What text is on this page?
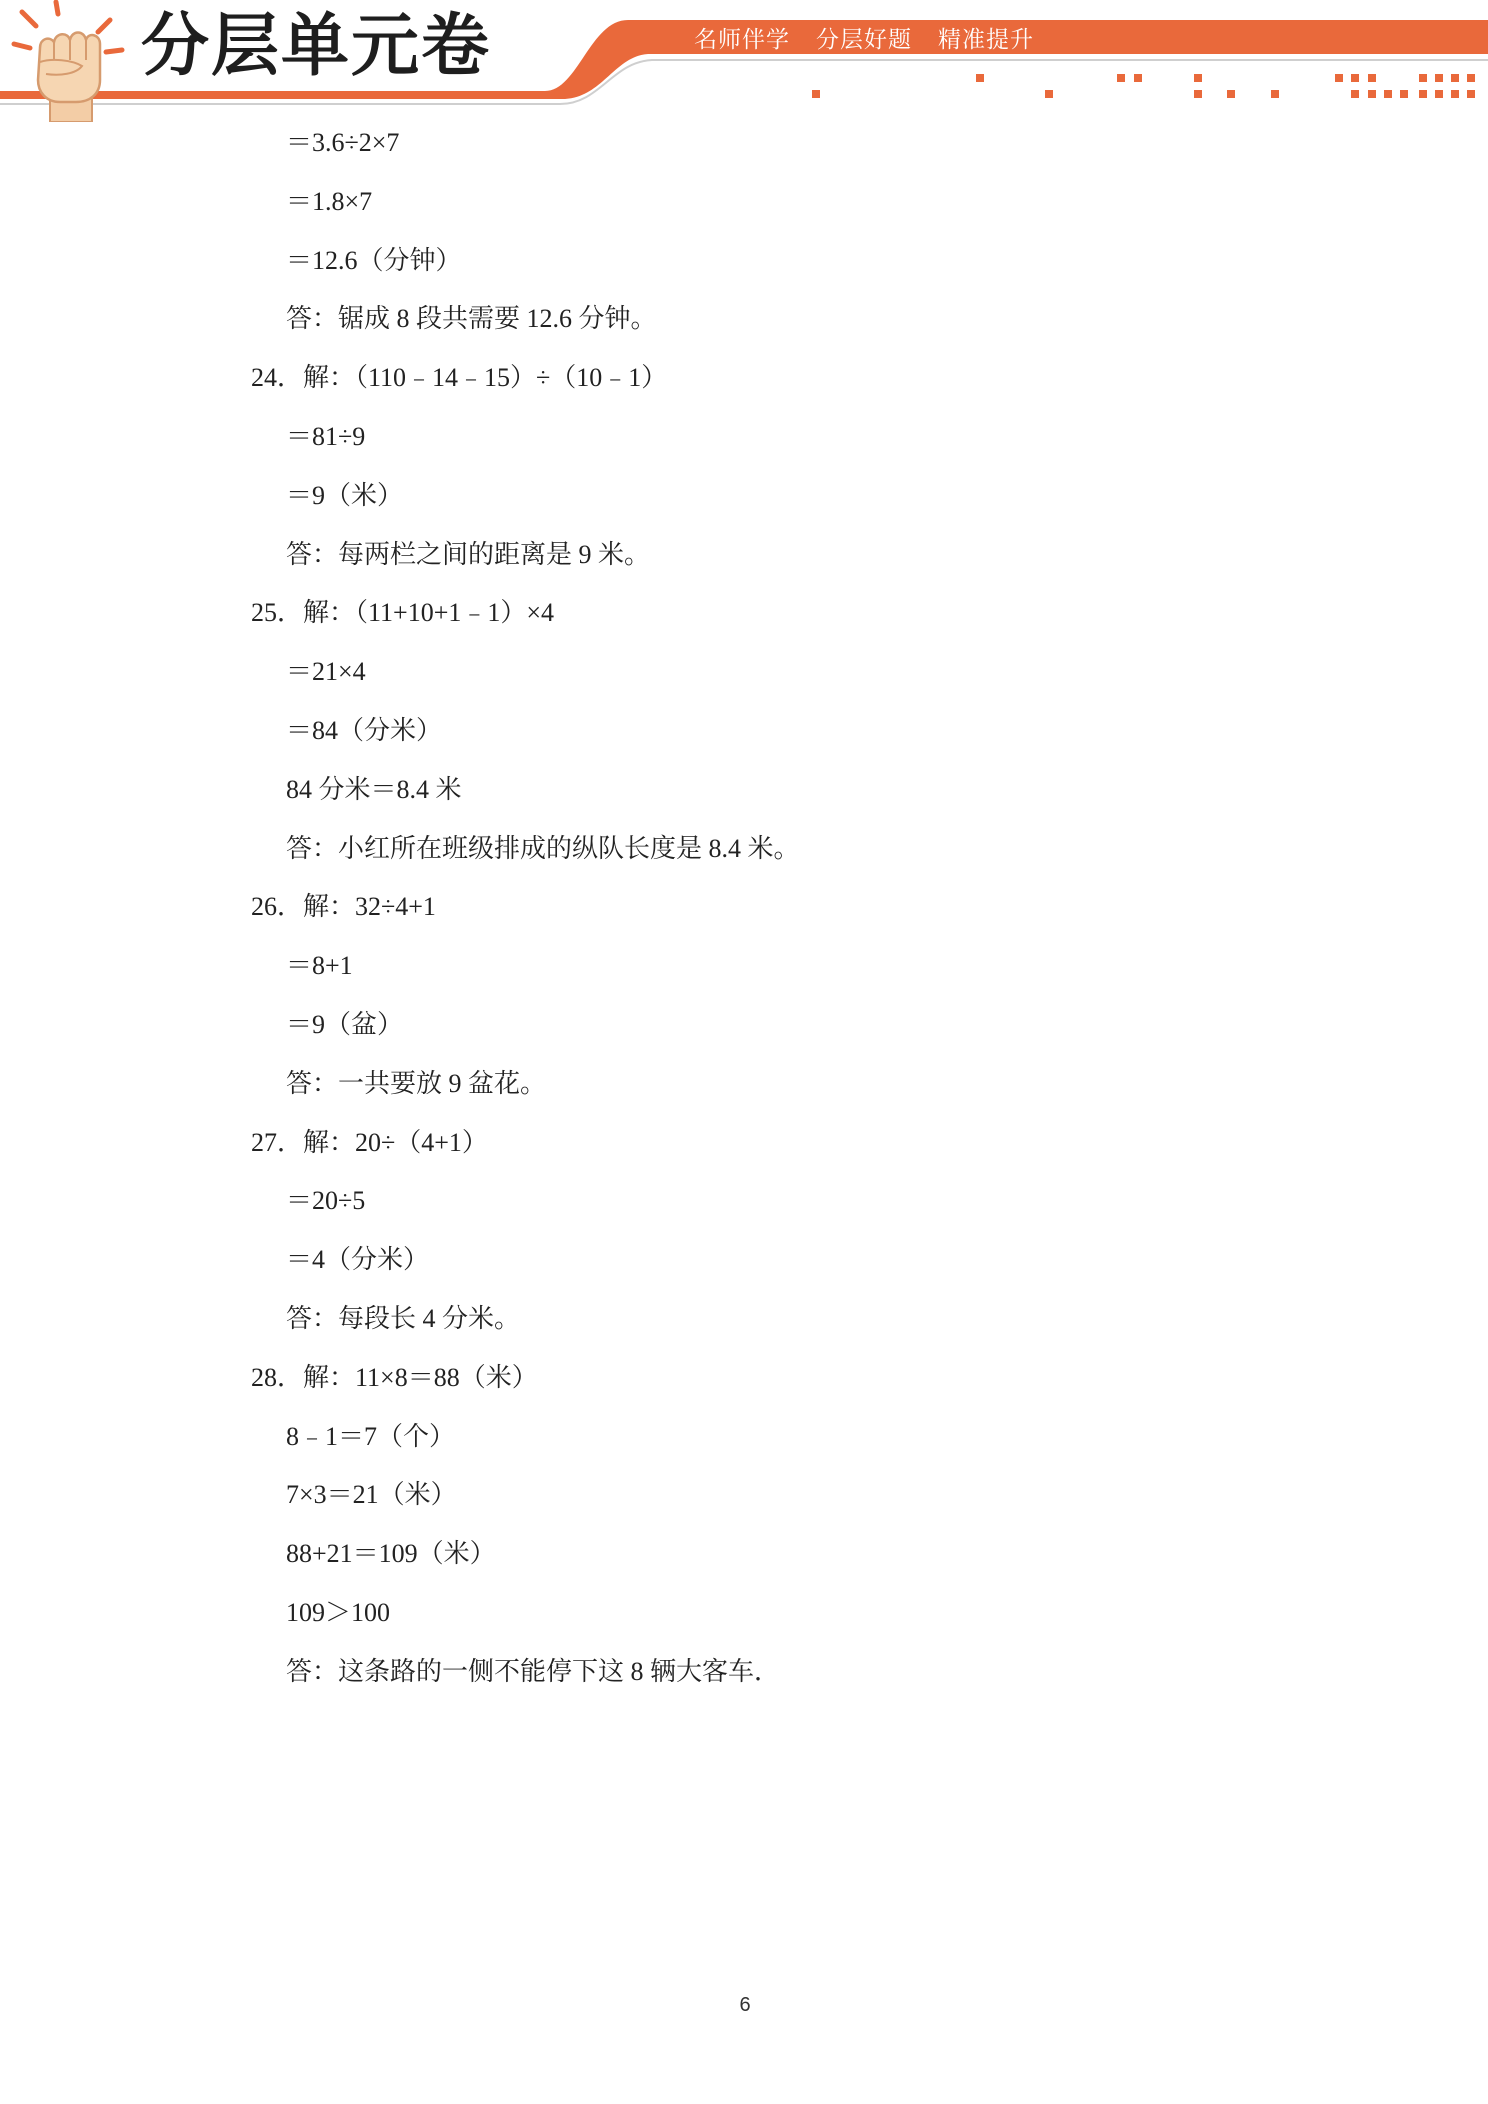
分层单元卷	名师伴学 分层好题 精准提升
＝3.6÷2×7
＝1.8×7
＝12.6（分钟）
答：锯成 8 段共需要 12.6 分钟。
24．解：（110﹣14﹣15）÷（10﹣1）
＝81÷9
＝9（米）
答：每两栏之间的距离是 9 米。
25．解：（11+10+1﹣1）×4
＝21×4
＝84（分米）
84 分米＝8.4 米
答：小红所在班级排成的纵队长度是 8.4 米。
26．解：32÷4+1
＝8+1
＝9（盆）
答：一共要放 9 盆花。
27．解：20÷（4+1）
＝20÷5
＝4（分米）
答：每段长 4 分米。
28．解：11×8＝88（米）
8﹣1＝7（个）
7×3＝21（米）
88+21＝109（米）
109＞100
答：这条路的一侧不能停下这 8 辆大客车．
6
